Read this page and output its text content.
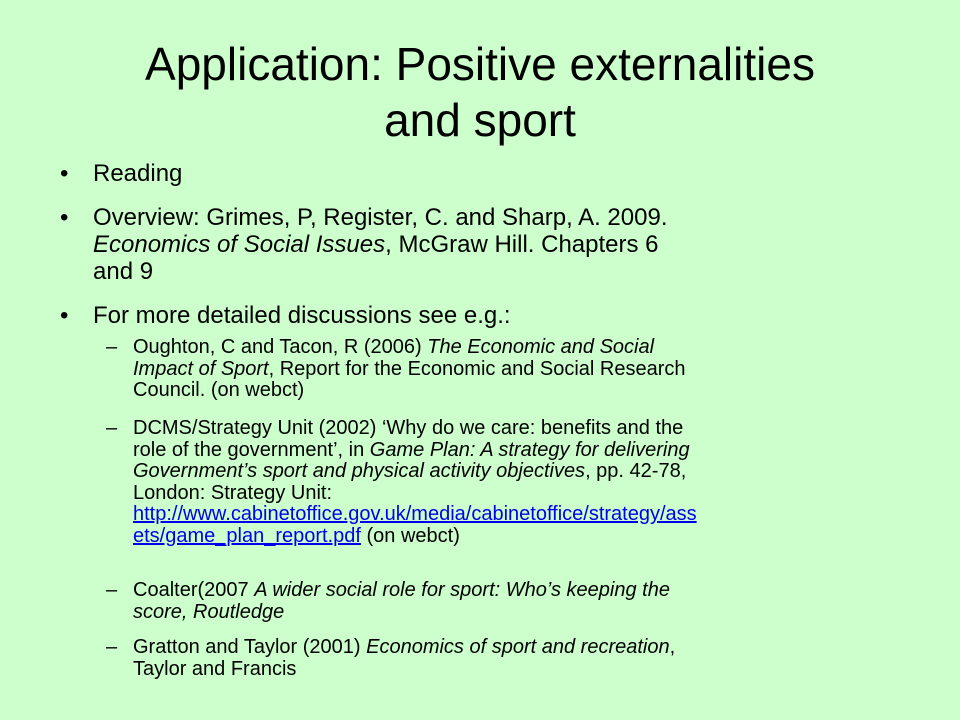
Application: Positive externalities
and sport
• Reading
• Overview: Grimes, P, Register, C. and Sharp, A. 2009.
Economics of Social Issues, McGraw Hill. Chapters 6
and 9
• For more detailed discussions see e.g.:
– Oughton, C and Tacon, R (2006) The Economic and Social
Impact of Sport, Report for the Economic and Social Research
Council. (on webct)
– DCMS/Strategy Unit (2002) ‘Why do we care: benefits and the
role of the government’, in Game Plan: A strategy for delivering
Government’s sport and physical activity objectives, pp. 42-78,
London: Strategy Unit:
http://www.cabinetoffice.gov.uk/media/cabinetoffice/strategy/ass
ets/game_plan_report.pdf (on webct)
– Coalter(2007 A wider social role for sport: Who’s keeping the
score, Routledge
– Gratton and Taylor (2001) Economics of sport and recreation,
Taylor and Francis
